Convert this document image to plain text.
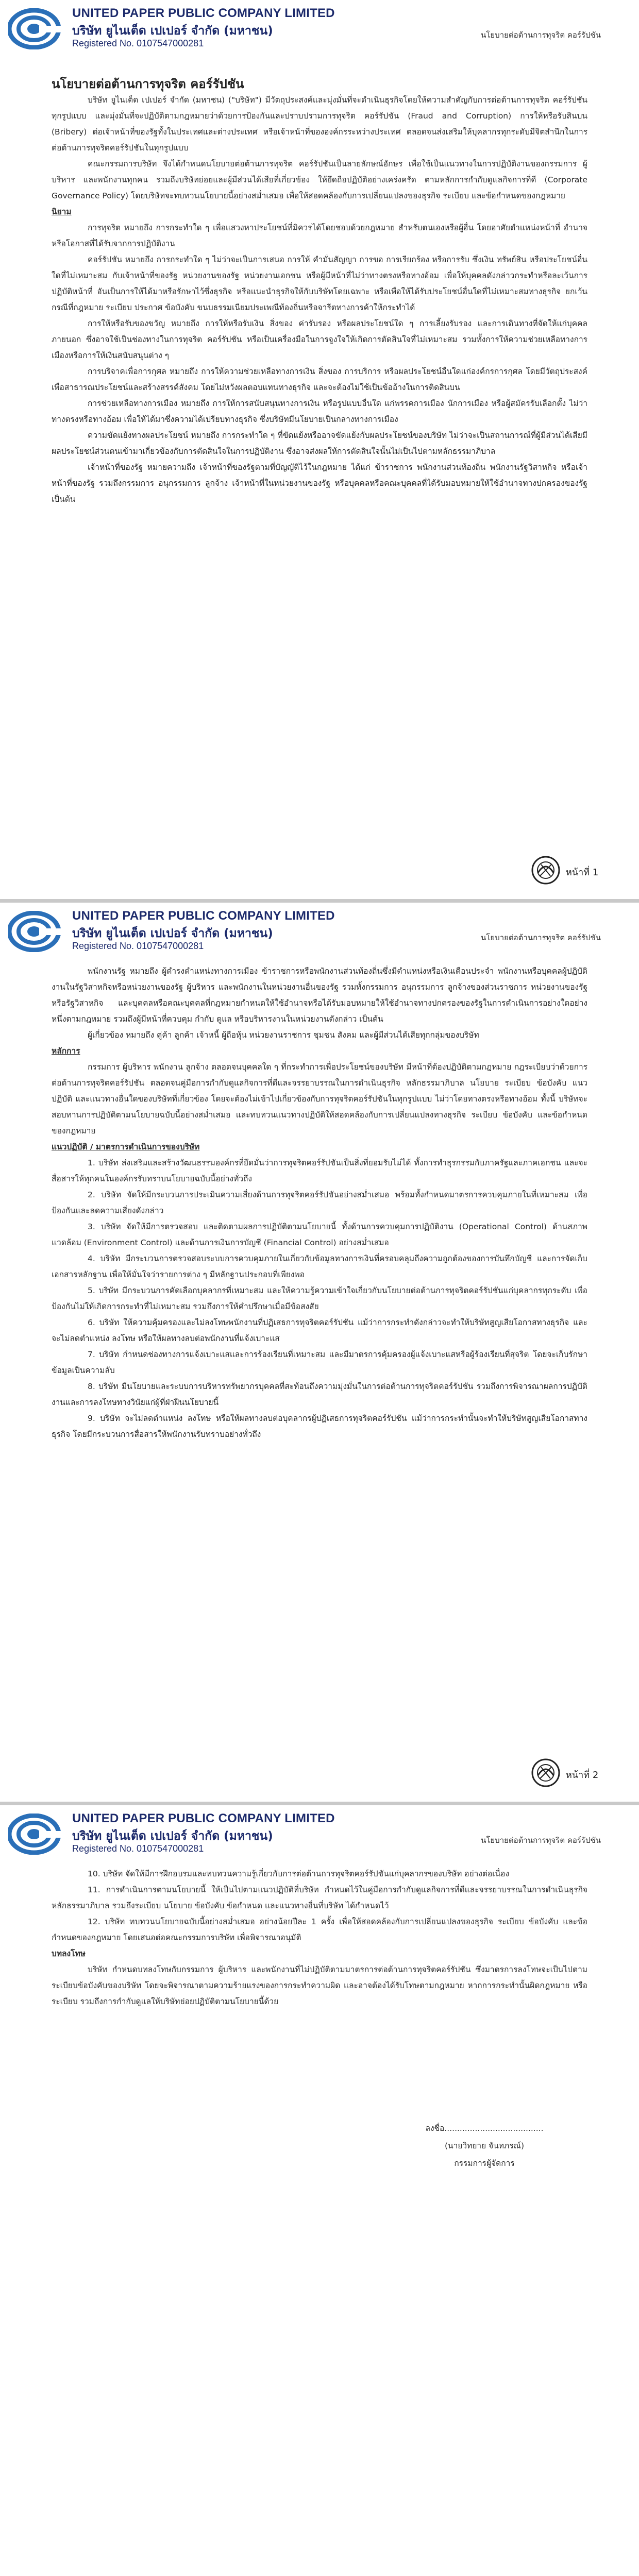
UNITED PAPER PUBLIC COMPANY LIMITED
บริษัท ยูไนเต็ด เปเปอร์ จำกัด (มหาชน)
Registered No. 0107547000281
นโยบายต่อต้านการทุจริต คอร์รัปชัน

นโยบายต่อต้านการทุจริต คอร์รัปชัน

บริษัท ยูไนเต็ด เปเปอร์ จำกัด (มหาชน) ("บริษัท") มีวัตถุประสงค์และมุ่งมั่นที่จะดำเนินธุรกิจโดยให้ความสำคัญกับการต่อต้านการทุจริต คอร์รัปชันทุกรูปแบบ และมุ่งมั่นที่จะปฏิบัติตามกฎหมายว่าด้วยการป้องกันและปราบปรามการทุจริต คอร์รัปชัน (Fraud and Corruption) การให้หรือรับสินบน (Bribery) ต่อเจ้าหน้าที่ของรัฐทั้งในประเทศและต่างประเทศ หรือเจ้าหน้าที่ขององค์กรระหว่างประเทศ ตลอดจนส่งเสริมให้บุคลากรทุกระดับมีจิตสำนึกในการต่อต้านการทุจริตคอร์รัปชันในทุกรูปแบบ

คณะกรรมการบริษัท จึงได้กำหนดนโยบายต่อต้านการทุจริต คอร์รัปชันเป็นลายลักษณ์อักษร เพื่อใช้เป็นแนวทางในการปฏิบัติงานของกรรมการ ผู้บริหาร และพนักงานทุกคน รวมถึงบริษัทย่อยและผู้มีส่วนได้เสียที่เกี่ยวข้อง ให้ยึดถือปฏิบัติอย่างเคร่งครัด ตามหลักการกำกับดูแลกิจการที่ดี (Corporate Governance Policy) โดยบริษัทจะทบทวนนโยบายนี้อย่างสม่ำเสมอ เพื่อให้สอดคล้องกับการเปลี่ยนแปลงของธุรกิจ ระเบียบ และข้อกำหนดของกฎหมาย

นิยาม

การทุจริต หมายถึง การกระทำใด ๆ เพื่อแสวงหาประโยชน์ที่มิควรได้โดยชอบด้วยกฎหมาย สำหรับตนเองหรือผู้อื่น โดยอาศัยตำแหน่งหน้าที่ อำนาจ หรือโอกาสที่ได้รับจากการปฏิบัติงาน

คอร์รัปชัน หมายถึง การกระทำใด ๆ ไม่ว่าจะเป็นการเสนอ การให้ คำมั่นสัญญา การขอ การเรียกร้อง หรือการรับ ซึ่งเงิน ทรัพย์สิน หรือประโยชน์อื่นใดที่ไม่เหมาะสม กับเจ้าหน้าที่ของรัฐ หน่วยงานของรัฐ หน่วยงานเอกชน หรือผู้มีหน้าที่ไม่ว่าทางตรงหรือทางอ้อม เพื่อให้บุคคลดังกล่าวกระทำหรือละเว้นการปฏิบัติหน้าที่ อันเป็นการให้ได้มาหรือรักษาไว้ซึ่งธุรกิจ หรือแนะนำธุรกิจให้กับบริษัทโดยเฉพาะ หรือเพื่อให้ได้รับประโยชน์อื่นใดที่ไม่เหมาะสมทางธุรกิจ ยกเว้นกรณีที่กฎหมาย ระเบียบ ประกาศ ข้อบังคับ ขนบธรรมเนียมประเพณีท้องถิ่นหรือจารีตทางการค้าให้กระทำได้

การให้หรือรับของขวัญ หมายถึง การให้หรือรับเงิน สิ่งของ ค่ารับรอง หรือผลประโยชน์ใด ๆ การเลี้ยงรับรอง และการเดินทางที่จัดให้แก่บุคคลภายนอก ซึ่งอาจใช้เป็นช่องทางในการทุจริต คอร์รัปชัน หรือเป็นเครื่องมือในการจูงใจให้เกิดการตัดสินใจที่ไม่เหมาะสม รวมทั้งการให้ความช่วยเหลือทางการเมืองหรือการให้เงินสนับสนุนต่าง ๆ

การบริจาคเพื่อการกุศล หมายถึง การให้ความช่วยเหลือทางการเงิน สิ่งของ การบริการ หรือผลประโยชน์อื่นใดแก่องค์กรการกุศล โดยมีวัตถุประสงค์เพื่อสาธารณประโยชน์และสร้างสรรค์สังคม โดยไม่หวังผลตอบแทนทางธุรกิจ และจะต้องไม่ใช้เป็นข้ออ้างในการติดสินบน

การช่วยเหลือทางการเมือง หมายถึง การให้การสนับสนุนทางการเงิน หรือรูปแบบอื่นใด แก่พรรคการเมือง นักการเมือง หรือผู้สมัครรับเลือกตั้ง ไม่ว่าทางตรงหรือทางอ้อม เพื่อให้ได้มาซึ่งความได้เปรียบทางธุรกิจ ซึ่งบริษัทมีนโยบายเป็นกลางทางการเมือง

ความขัดแย้งทางผลประโยชน์ หมายถึง การกระทำใด ๆ ที่ขัดแย้งหรืออาจขัดแย้งกับผลประโยชน์ของบริษัท ไม่ว่าจะเป็นสถานการณ์ที่ผู้มีส่วนได้เสียมีผลประโยชน์ส่วนตนเข้ามาเกี่ยวข้องกับการตัดสินใจในการปฏิบัติงาน ซึ่งอาจส่งผลให้การตัดสินใจนั้นไม่เป็นไปตามหลักธรรมาภิบาล

เจ้าหน้าที่ของรัฐ หมายความถึง เจ้าหน้าที่ของรัฐตามที่บัญญัติไว้ในกฎหมาย ได้แก่ ข้าราชการ พนักงานส่วนท้องถิ่น พนักงานรัฐวิสาหกิจ หรือเจ้าหน้าที่ของรัฐ รวมถึงกรรมการ อนุกรรมการ ลูกจ้าง เจ้าหน้าที่ในหน่วยงานของรัฐ หรือบุคคลหรือคณะบุคคลที่ได้รับมอบหมายให้ใช้อำนาจทางปกครองของรัฐ เป็นต้น

หน้าที่ 1
UNITED PAPER PUBLIC COMPANY LIMITED
บริษัท ยูไนเต็ด เปเปอร์ จำกัด (มหาชน)
Registered No. 0107547000281
นโยบายต่อต้านการทุจริต คอร์รัปชัน

พนักงานรัฐ หมายถึง ผู้ดำรงตำแหน่งทางการเมือง ข้าราชการหรือพนักงานส่วนท้องถิ่นซึ่งมีตำแหน่งหรือเงินเดือนประจำ พนักงานหรือบุคคลผู้ปฏิบัติงานในรัฐวิสาหกิจหรือหน่วยงานของรัฐ ผู้บริหาร และพนักงานในหน่วยงานอื่นของรัฐ รวมทั้งกรรมการ อนุกรรมการ ลูกจ้างของส่วนราชการ หน่วยงานของรัฐ หรือรัฐวิสาหกิจ และบุคคลหรือคณะบุคคลที่กฎหมายกำหนดให้ใช้อำนาจหรือได้รับมอบหมายให้ใช้อำนาจทางปกครองของรัฐในการดำเนินการอย่างใดอย่างหนึ่งตามกฎหมาย รวมถึงผู้มีหน้าที่ควบคุม กำกับ ดูแล หรือบริหารงานในหน่วยงานดังกล่าว เป็นต้น

ผู้เกี่ยวข้อง หมายถึง คู่ค้า ลูกค้า เจ้าหนี้ ผู้ถือหุ้น หน่วยงานราชการ ชุมชน สังคม และผู้มีส่วนได้เสียทุกกลุ่มของบริษัท

หลักการ

กรรมการ ผู้บริหาร พนักงาน ลูกจ้าง ตลอดจนบุคคลใด ๆ ที่กระทำการเพื่อประโยชน์ของบริษัท มีหน้าที่ต้องปฏิบัติตามกฎหมาย กฎระเบียบว่าด้วยการต่อต้านการทุจริตคอร์รัปชัน ตลอดจนคู่มือการกำกับดูแลกิจการที่ดีและจรรยาบรรณในการดำเนินธุรกิจ หลักธรรมาภิบาล นโยบาย ระเบียบ ข้อบังคับ แนวปฏิบัติ และแนวทางอื่นใดของบริษัทที่เกี่ยวข้อง โดยจะต้องไม่เข้าไปเกี่ยวข้องกับการทุจริตคอร์รัปชันในทุกรูปแบบ ไม่ว่าโดยทางตรงหรือทางอ้อม ทั้งนี้ บริษัทจะสอบทานการปฏิบัติตามนโยบายฉบับนี้อย่างสม่ำเสมอ และทบทวนแนวทางปฏิบัติให้สอดคล้องกับการเปลี่ยนแปลงทางธุรกิจ ระเบียบ ข้อบังคับ และข้อกำหนดของกฎหมาย

แนวปฏิบัติ / มาตรการดำเนินการของบริษัท

1. บริษัท ส่งเสริมและสร้างวัฒนธรรมองค์กรที่ยึดมั่นว่าการทุจริตคอร์รัปชันเป็นสิ่งที่ยอมรับไม่ได้ ทั้งการทำธุรกรรมกับภาครัฐและภาคเอกชน และจะสื่อสารให้ทุกคนในองค์กรรับทราบนโยบายฉบับนี้อย่างทั่วถึง

2. บริษัท จัดให้มีกระบวนการประเมินความเสี่ยงด้านการทุจริตคอร์รัปชันอย่างสม่ำเสมอ พร้อมทั้งกำหนดมาตรการควบคุมภายในที่เหมาะสม เพื่อป้องกันและลดความเสี่ยงดังกล่าว

3. บริษัท จัดให้มีการตรวจสอบ และติดตามผลการปฏิบัติตามนโยบายนี้ ทั้งด้านการควบคุมการปฏิบัติงาน (Operational Control) ด้านสภาพแวดล้อม (Environment Control) และด้านการเงินการบัญชี (Financial Control) อย่างสม่ำเสมอ

4. บริษัท มีกระบวนการตรวจสอบระบบการควบคุมภายในเกี่ยวกับข้อมูลทางการเงินที่ครอบคลุมถึงความถูกต้องของการบันทึกบัญชี และการจัดเก็บเอกสารหลักฐาน เพื่อให้มั่นใจว่ารายการต่าง ๆ มีหลักฐานประกอบที่เพียงพอ

5. บริษัท มีกระบวนการคัดเลือกบุคลากรที่เหมาะสม และให้ความรู้ความเข้าใจเกี่ยวกับนโยบายต่อต้านการทุจริตคอร์รัปชันแก่บุคลากรทุกระดับ เพื่อป้องกันไม่ให้เกิดการกระทำที่ไม่เหมาะสม รวมถึงการให้คำปรึกษาเมื่อมีข้อสงสัย

6. บริษัท ให้ความคุ้มครองและไม่ลงโทษพนักงานที่ปฏิเสธการทุจริตคอร์รัปชัน แม้ว่าการกระทำดังกล่าวจะทำให้บริษัทสูญเสียโอกาสทางธุรกิจ และจะไม่ลดตำแหน่ง ลงโทษ หรือให้ผลทางลบต่อพนักงานที่แจ้งเบาะแส

7. บริษัท กำหนดช่องทางการแจ้งเบาะแสและการร้องเรียนที่เหมาะสม และมีมาตรการคุ้มครองผู้แจ้งเบาะแสหรือผู้ร้องเรียนที่สุจริต โดยจะเก็บรักษาข้อมูลเป็นความลับ

8. บริษัท มีนโยบายและระบบการบริหารทรัพยากรบุคคลที่สะท้อนถึงความมุ่งมั่นในการต่อต้านการทุจริตคอร์รัปชัน รวมถึงการพิจารณาผลการปฏิบัติงานและการลงโทษทางวินัยแก่ผู้ที่ฝ่าฝืนนโยบายนี้

9. บริษัท จะไม่ลดตำแหน่ง ลงโทษ หรือให้ผลทางลบต่อบุคลากรผู้ปฏิเสธการทุจริตคอร์รัปชัน แม้ว่าการกระทำนั้นจะทำให้บริษัทสูญเสียโอกาสทางธุรกิจ โดยมีกระบวนการสื่อสารให้พนักงานรับทราบอย่างทั่วถึง

หน้าที่ 2
UNITED PAPER PUBLIC COMPANY LIMITED
บริษัท ยูไนเต็ด เปเปอร์ จำกัด (มหาชน)
Registered No. 0107547000281
นโยบายต่อต้านการทุจริต คอร์รัปชัน

10. บริษัท จัดให้มีการฝึกอบรมและทบทวนความรู้เกี่ยวกับการต่อต้านการทุจริตคอร์รัปชันแก่บุคลากรของบริษัท อย่างต่อเนื่อง

11. การดำเนินการตามนโยบายนี้ ให้เป็นไปตามแนวปฏิบัติที่บริษัท กำหนดไว้ในคู่มือการกำกับดูแลกิจการที่ดีและจรรยาบรรณในการดำเนินธุรกิจ หลักธรรมาภิบาล รวมถึงระเบียบ นโยบาย ข้อบังคับ ข้อกำหนด และแนวทางอื่นที่บริษัท ได้กำหนดไว้

12. บริษัท ทบทวนนโยบายฉบับนี้อย่างสม่ำเสมอ อย่างน้อยปีละ 1 ครั้ง เพื่อให้สอดคล้องกับการเปลี่ยนแปลงของธุรกิจ ระเบียบ ข้อบังคับ และข้อกำหนดของกฎหมาย โดยเสนอต่อคณะกรรมการบริษัท เพื่อพิจารณาอนุมัติ

บทลงโทษ

บริษัท กำหนดบทลงโทษกับกรรมการ ผู้บริหาร และพนักงานที่ไม่ปฏิบัติตามมาตรการต่อต้านการทุจริตคอร์รัปชัน ซึ่งมาตรการลงโทษจะเป็นไปตามระเบียบข้อบังคับของบริษัท โดยจะพิจารณาตามความร้ายแรงของการกระทำความผิด และอาจต้องได้รับโทษตามกฎหมาย หากการกระทำนั้นผิดกฎหมาย หรือระเบียบ รวมถึงการกำกับดูแลให้บริษัทย่อยปฏิบัติตามนโยบายนี้ด้วย

ลงชื่อ.......................................
(นายวิทยาย จันทภรณ์)
กรรมการผู้จัดการ
